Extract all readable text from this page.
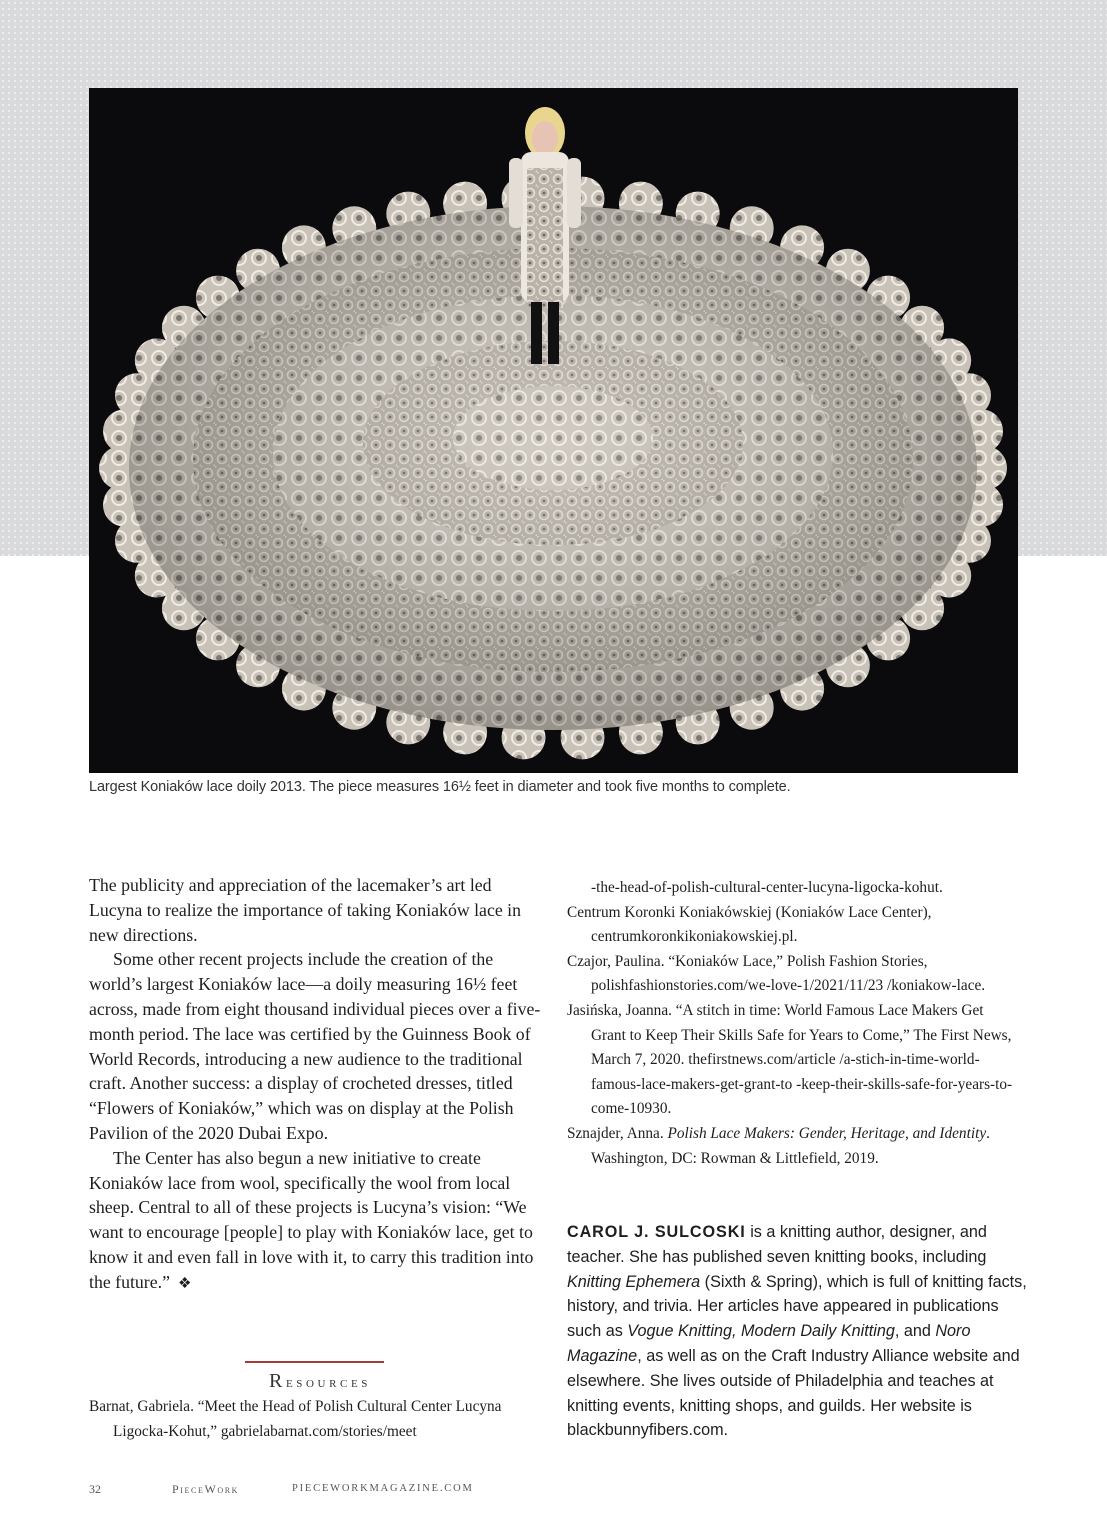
Largest Koniaków lace doily 2013. The piece measures 16½ feet in diameter and took five months to complete.

The publicity and appreciation of the lacemaker’s art led Lucyna to realize the importance of taking Koniaków lace in new directions.

Some other recent projects include the creation of the world’s largest Koniaków lace—a doily measuring 16½ feet across, made from eight thousand individual pieces over a five-month period. The lace was certified by the Guinness Book of World Records, introducing a new audience to the traditional craft. Another success: a display of crocheted dresses, titled “Flowers of Koniaków,” which was on display at the Polish Pavilion of the 2020 Dubai Expo.

The Center has also begun a new initiative to create Koniaków lace from wool, specifically the wool from local sheep. Central to all of these projects is Lucyna’s vision: “We want to encourage [people] to play with Koniaków lace, get to know it and even fall in love with it, to carry this tradition into the future.” ❖

Resources

Barnat, Gabriela. “Meet the Head of Polish Cultural Center Lucyna Ligocka-Kohut,” gabrielabarnat.com/stories/meet

-the-head-of-polish-cultural-center-lucyna-ligocka-kohut.

Centrum Koronki Koniakówskiej (Koniaków Lace Center), centrumkoronkikoniakowskiej.pl.

Czajor, Paulina. “Koniaków Lace,” Polish Fashion Stories, polishfashionstories.com/we-love-1/2021/11/23 /koniakow-lace.

Jasińska, Joanna. “A stitch in time: World Famous Lace Makers Get Grant to Keep Their Skills Safe for Years to Come,” The First News, March 7, 2020. thefirstnews.com/article /a-stich-in-time-world-famous-lace-makers-get-grant-to -keep-their-skills-safe-for-years-to-come-10930.

Sznajder, Anna. Polish Lace Makers: Gender, Heritage, and Identity. Washington, DC: Rowman & Littlefield, 2019.

CAROL J. SULCOSKI is a knitting author, designer, and teacher. She has published seven knitting books, including Knitting Ephemera (Sixth & Spring), which is full of knitting facts, history, and trivia. Her articles have appeared in publications such as Vogue Knitting, Modern Daily Knitting, and Noro Magazine, as well as on the Craft Industry Alliance website and elsewhere. She lives outside of Philadelphia and teaches at knitting events, knitting shops, and guilds. Her website is blackbunnyfibers.com.

32	PieceWork	PIECEWORKMAGAZINE.COM
